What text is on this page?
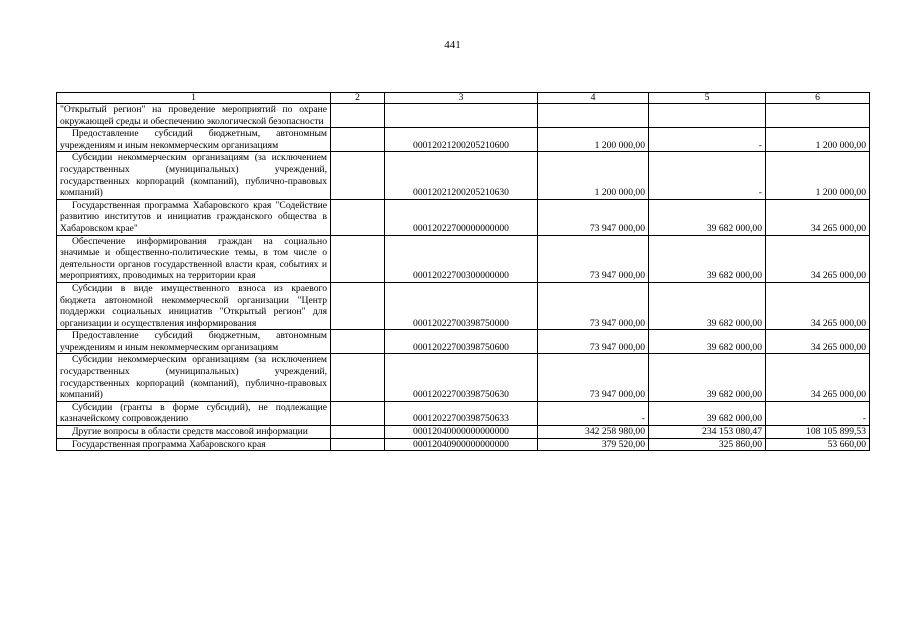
441
1	2	3	4	5	6

"Открытый регион" на проведение мероприятий по охране окружающей среды и обеспечению экологической безопасности					

Предоставление субсидий бюджетным, автономным учреждениям и иным некоммерческим организациям		00012021200205210600	1 200 000,00	-	1 200 000,00

Субсидии некоммерческим организациям (за исключением государственных (муниципальных) учреждений, государственных корпораций (компаний), публично-правовых компаний)		00012021200205210630	1 200 000,00	-	1 200 000,00

Государственная программа Хабаровского края "Содействие развитию институтов и инициатив гражданского общества в Хабаровском крае"		00012022700000000000	73 947 000,00	39 682 000,00	34 265 000,00

Обеспечение информирования граждан на социально значимые и общественно-политические темы, в том числе о деятельности органов государственной власти края, событиях и мероприятиях, проводимых на территории края		00012022700300000000	73 947 000,00	39 682 000,00	34 265 000,00

Субсидии в виде имущественного взноса из краевого бюджета автономной некоммерческой организации "Центр поддержки социальных инициатив "Открытый регион" для организации и осуществления информирования		00012022700398750000	73 947 000,00	39 682 000,00	34 265 000,00

Предоставление субсидий бюджетным, автономным учреждениям и иным некоммерческим организациям		00012022700398750600	73 947 000,00	39 682 000,00	34 265 000,00

Субсидии некоммерческим организациям (за исключением государственных (муниципальных) учреждений, государственных корпораций (компаний), публично-правовых компаний)		00012022700398750630	73 947 000,00	39 682 000,00	34 265 000,00

Субсидии (гранты в форме субсидий), не подлежащие казначейскому сопровождению		00012022700398750633	-	39 682 000,00	-

Другие вопросы в области средств массовой информации		00012040000000000000	342 258 980,00	234 153 080,47	108 105 899,53

Государственная программа Хабаровского края		00012040900000000000	379 520,00	325 860,00	53 660,00
